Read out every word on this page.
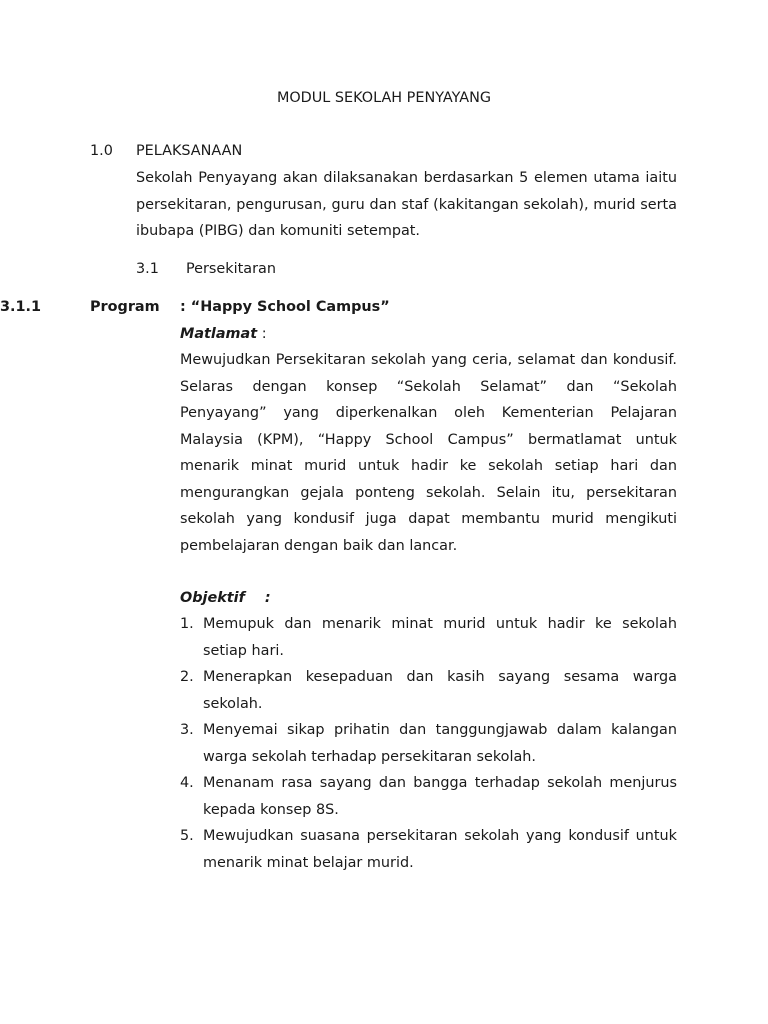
MODUL SEKOLAH PENYAYANG
1.0 PELAKSANAAN
Sekolah Penyayang akan dilaksanakan berdasarkan 5 elemen utama iaitu persekitaran, pengurusan, guru dan staf (kakitangan sekolah), murid serta ibubapa (PIBG) dan komuniti setempat.
3.1 Persekitaran
3.1.1	Program : “Happy School Campus”
Matlamat :
Mewujudkan Persekitaran sekolah yang ceria, selamat dan kondusif. Selaras dengan konsep “Sekolah Selamat” dan “Sekolah Penyayang” yang diperkenalkan oleh Kementerian Pelajaran Malaysia (KPM), “Happy School Campus” bermatlamat untuk menarik minat murid untuk hadir ke sekolah setiap hari dan mengurangkan gejala ponteng sekolah. Selain itu, persekitaran sekolah yang kondusif juga dapat membantu murid mengikuti pembelajaran dengan baik dan lancar.
Objektif :
1. Memupuk dan menarik minat murid untuk hadir ke sekolah setiap hari.
2. Menerapkan kesepaduan dan kasih sayang sesama warga sekolah.
3. Menyemai sikap prihatin dan tanggungjawab dalam kalangan warga sekolah terhadap persekitaran sekolah.
4. Menanam rasa sayang dan bangga terhadap sekolah menjurus kepada konsep 8S.
5. Mewujudkan suasana persekitaran sekolah yang kondusif untuk menarik minat belajar murid.
